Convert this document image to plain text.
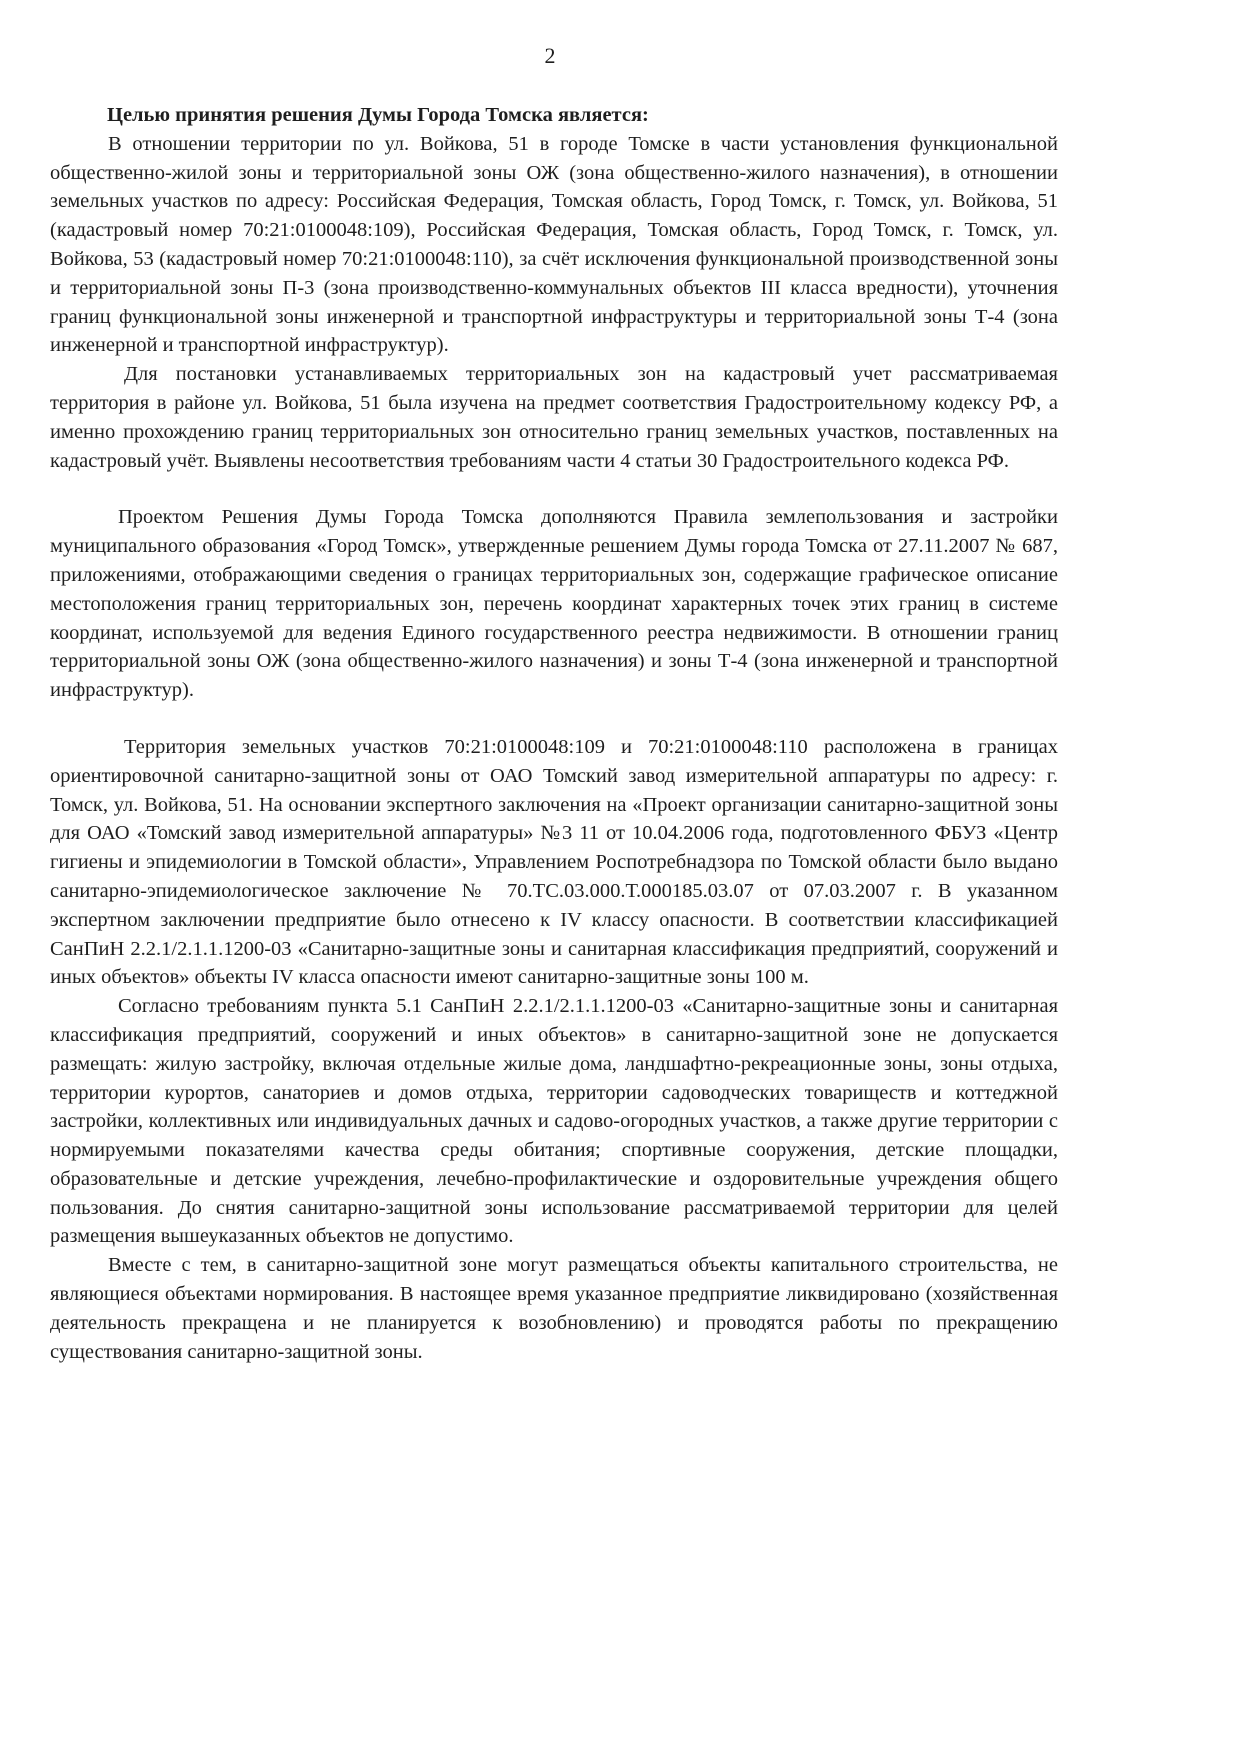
2

Целью принятия решения Думы Города Томска является:

В отношении территории по ул. Войкова, 51 в городе Томске в части установления функциональной общественно-жилой зоны и территориальной зоны ОЖ (зона общественно-жилого назначения), в отношении земельных участков по адресу: Российская Федерация, Томская область, Город Томск, г. Томск, ул. Войкова, 51 (кадастровый номер 70:21:0100048:109), Российская Федерация, Томская область, Город Томск, г. Томск, ул. Войкова, 53 (кадастровый номер 70:21:0100048:110), за счёт исключения функциональной производственной зоны и территориальной зоны П-3 (зона производственно-коммунальных объектов III класса вредности), уточнения границ функциональной зоны инженерной и транспортной инфраструктуры и территориальной зоны Т-4 (зона инженерной и транспортной инфраструктур).

Для постановки устанавливаемых территориальных зон на кадастровый учет рассматриваемая территория в районе ул. Войкова, 51 была изучена на предмет соответствия Градостроительному кодексу РФ, а именно прохождению границ территориальных зон относительно границ земельных участков, поставленных на кадастровый учёт. Выявлены несоответствия требованиям части 4 статьи 30 Градостроительного кодекса РФ.

Проектом Решения Думы Города Томска дополняются Правила землепользования и застройки муниципального образования «Город Томск», утвержденные решением Думы города Томска от 27.11.2007 № 687, приложениями, отображающими сведения о границах территориальных зон, содержащие графическое описание местоположения границ территориальных зон, перечень координат характерных точек этих границ в системе координат, используемой для ведения Единого государственного реестра недвижимости. В отношении границ территориальной зоны ОЖ (зона общественно-жилого назначения) и зоны Т-4 (зона инженерной и транспортной инфраструктур).

Территория земельных участков 70:21:0100048:109 и 70:21:0100048:110 расположена в границах ориентировочной санитарно-защитной зоны от ОАО Томский завод измерительной аппаратуры по адресу: г. Томск, ул. Войкова, 51. На основании экспертного заключения на «Проект организации санитарно-защитной зоны для ОАО «Томский завод измерительной аппаратуры» №3 11 от 10.04.2006 года, подготовленного ФБУЗ «Центр гигиены и эпидемиологии в Томской области», Управлением Роспотребнадзора по Томской области было выдано санитарно-эпидемиологическое заключение № 70.ТС.03.000.Т.000185.03.07 от 07.03.2007 г. В указанном экспертном заключении предприятие было отнесено к IV классу опасности. В соответствии классификацией СанПиН 2.2.1/2.1.1.1200-03 «Санитарно-защитные зоны и санитарная классификация предприятий, сооружений и иных объектов» объекты IV класса опасности имеют санитарно-защитные зоны 100 м.

Согласно требованиям пункта 5.1 СанПиН 2.2.1/2.1.1.1200-03 «Санитарно-защитные зоны и санитарная классификация предприятий, сооружений и иных объектов» в санитарно-защитной зоне не допускается размещать: жилую застройку, включая отдельные жилые дома, ландшафтно-рекреационные зоны, зоны отдыха, территории курортов, санаториев и домов отдыха, территории садоводческих товариществ и коттеджной застройки, коллективных или индивидуальных дачных и садово-огородных участков, а также другие территории с нормируемыми показателями качества среды обитания; спортивные сооружения, детские площадки, образовательные и детские учреждения, лечебно-профилактические и оздоровительные учреждения общего пользования. До снятия санитарно-защитной зоны использование рассматриваемой территории для целей размещения вышеуказанных объектов не допустимо.

Вместе с тем, в санитарно-защитной зоне могут размещаться объекты капитального строительства, не являющиеся объектами нормирования. В настоящее время указанное предприятие ликвидировано (хозяйственная деятельность прекращена и не планируется к возобновлению) и проводятся работы по прекращению существования санитарно-защитной зоны.
